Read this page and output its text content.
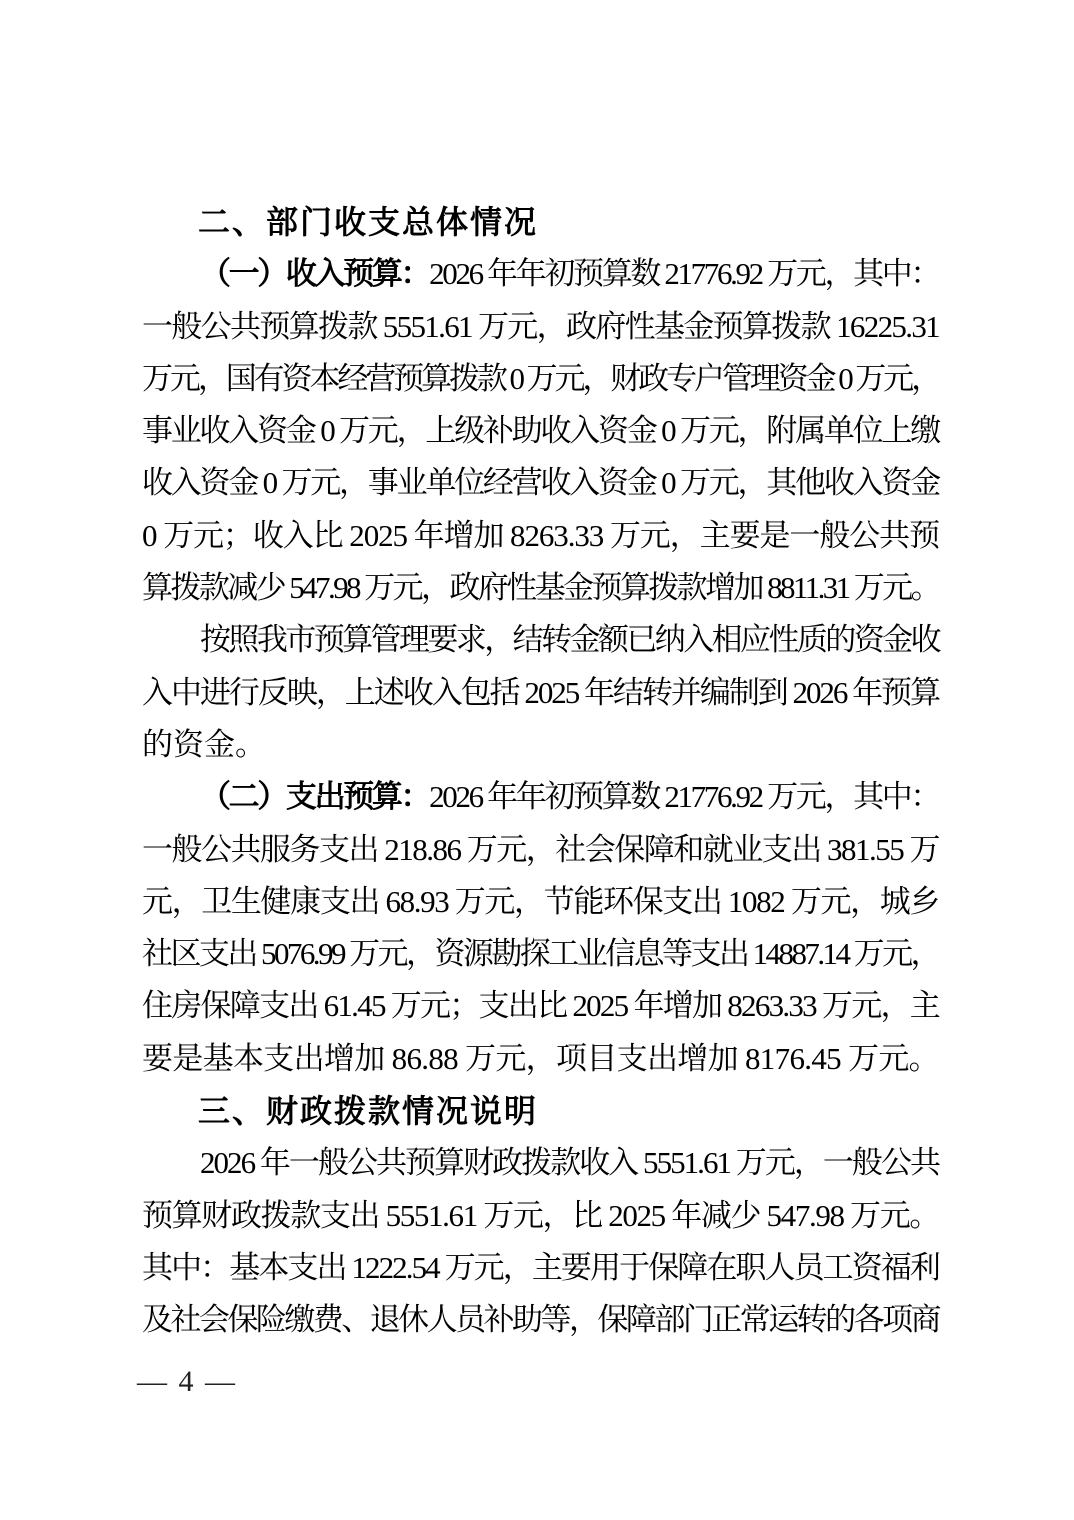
二、部门收支总体情况
（一）收入预算：2026 年年初预算数 21776.92 万元，其中：
一般公共预算拨款 5551.61 万元，政府性基金预算拨款 16225.31
万元，国有资本经营预算拨款 0 万元，财政专户管理资金 0 万元，
事业收入资金 0 万元，上级补助收入资金 0 万元，附属单位上缴
收入资金 0 万元，事业单位经营收入资金 0 万元，其他收入资金
0 万元；收入比 2025 年增加 8263.33 万元，主要是一般公共预
算拨款减少 547.98 万元，政府性基金预算拨款增加 8811.31 万元。
按照我市预算管理要求，结转金额已纳入相应性质的资金收
入中进行反映，上述收入包括 2025 年结转并编制到 2026 年预算
的资金。
（二）支出预算：2026 年年初预算数 21776.92 万元，其中：
一般公共服务支出 218.86 万元，社会保障和就业支出 381.55 万
元，卫生健康支出 68.93 万元，节能环保支出 1082 万元，城乡
社区支出 5076.99 万元，资源勘探工业信息等支出 14887.14 万元，
住房保障支出 61.45 万元；支出比 2025 年增加 8263.33 万元，主
要是基本支出增加 86.88 万元，项目支出增加 8176.45 万元。
三、财政拨款情况说明
2026 年一般公共预算财政拨款收入 5551.61 万元，一般公共
预算财政拨款支出 5551.61 万元，比 2025 年减少 547.98 万元。
其中：基本支出 1222.54 万元，主要用于保障在职人员工资福利
及社会保险缴费、退休人员补助等，保障部门正常运转的各项商
— 4 —
